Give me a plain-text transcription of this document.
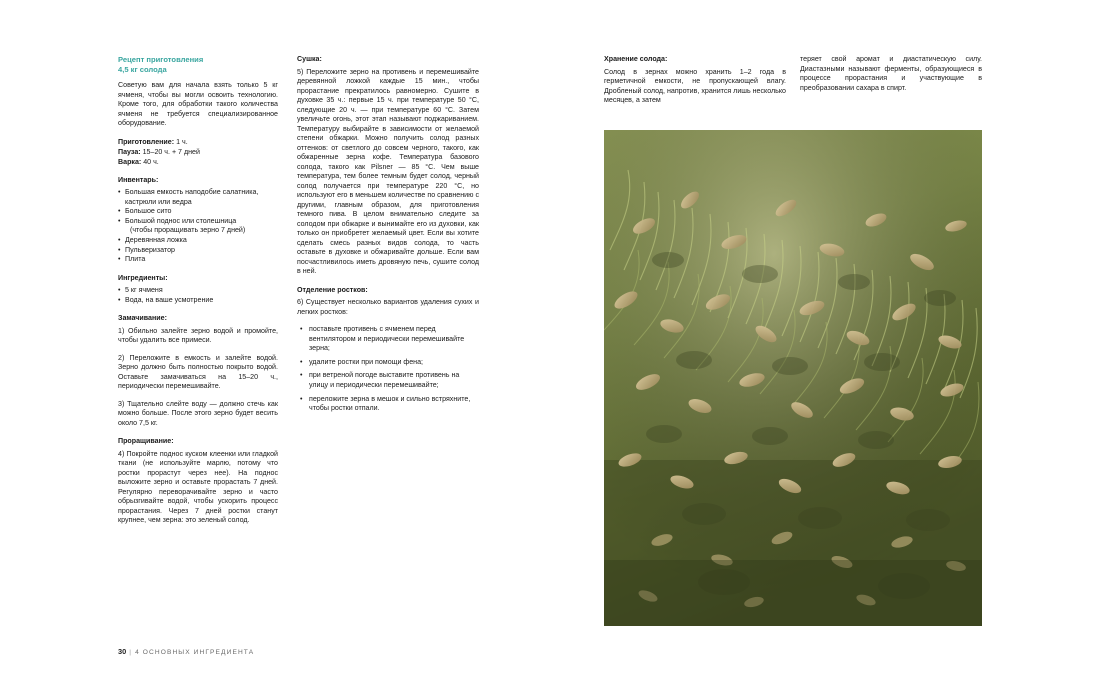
Рецепт приготовления
4,5 кг солода

Советую вам для начала взять только 5 кг ячменя, чтобы вы могли освоить технологию. Кроме того, для обработки такого количества ячменя не требуется специализированное оборудование.

Приготовление: 1 ч.

Пауза: 15–20 ч. + 7 дней

Варка: 40 ч.

Инвентарь:
• Большая емкость наподобие салатника, кастрюли или ведра
• Большое сито
• Большой поднос или столешница
(чтобы проращивать зерно 7 дней)
• Деревянная ложка
• Пульверизатор
• Плита
Ингредиенты:
• 5 кг ячменя
• Вода, на ваше усмотрение
Замачивание:

1) Обильно залейте зерно водой и промойте, чтобы удалить все примеси.

2) Переложите в емкость и залейте водой. Зерно должно быть полностью покрыто водой. Оставьте замачиваться на 15–20 ч., периодически перемешивайте.

3) Тщательно слейте воду — должно стечь как можно больше. После этого зерно будет весить около 7,5 кг.

Проращивание:

4) Покройте поднос куском клеенки или гладкой ткани (не используйте марлю, потому что ростки прорастут через нее). На поднос выложите зерно и оставьте прорастать 7 дней. Регулярно переворачивайте зерно и часто обрызгивайте водой, чтобы ускорить процесс прорастания. Через 7 дней ростки станут крупнее, чем зерна: это зеленый солод.

Сушка:

5) Переложите зерно на противень и перемешивайте деревянной ложкой каждые 15 мин., чтобы прорастание прекратилось равномерно. Сушите в духовке 35 ч.: первые 15 ч. при температуре 50 °C, следующие 20 ч. — при температуре 60 °C. Затем увеличьте огонь, этот этап называют поджариванием. Температуру выбирайте в зависимости от желаемой степени обжарки. Можно получить солод разных оттенков: от светлого до совсем черного, такого, как обжаренные зерна кофе. Температура базового солода, такого как Pilsner — 85 °C. Чем выше температура, тем более темным будет солод, черный солод получается при температуре 220 °C, но используют его в меньшем количестве по сравнению с другими, главным образом, для приготовления темного пива. В целом внимательно следите за солодом при обжарке и вынимайте его из духовки, как только он приобретет желаемый цвет. Если вы хотите сделать смесь разных видов солода, то часть оставьте в духовке и обжаривайте дольше. Если вам посчастливилось иметь дровяную печь, сушите солод в ней.

Отделение ростков:

6) Существует несколько вариантов удаления сухих и легких ростков:

• поставьте противень с ячменем перед вентилятором и периодически перемешивайте зерна;
• удалите ростки при помощи фена;
• при ветреной погоде выставите противень на улицу и периодически перемешивайте;
• переложите зерна в мешок и сильно встряхните, чтобы ростки отпали.
Хранение солода:

Солод в зернах можно хранить 1–2 года в герметичной емкости, не пропускающей влагу. Дробленый солод, напротив, хранится лишь несколько месяцев, а затем

теряет свой аромат и диастатическую силу. Диастазными называют ферменты, образующиеся в процессе прорастания и участвующие в преобразовании сахара в спирт.

30 | 4 ОСНОВНЫХ ИНГРЕДИЕНТА
